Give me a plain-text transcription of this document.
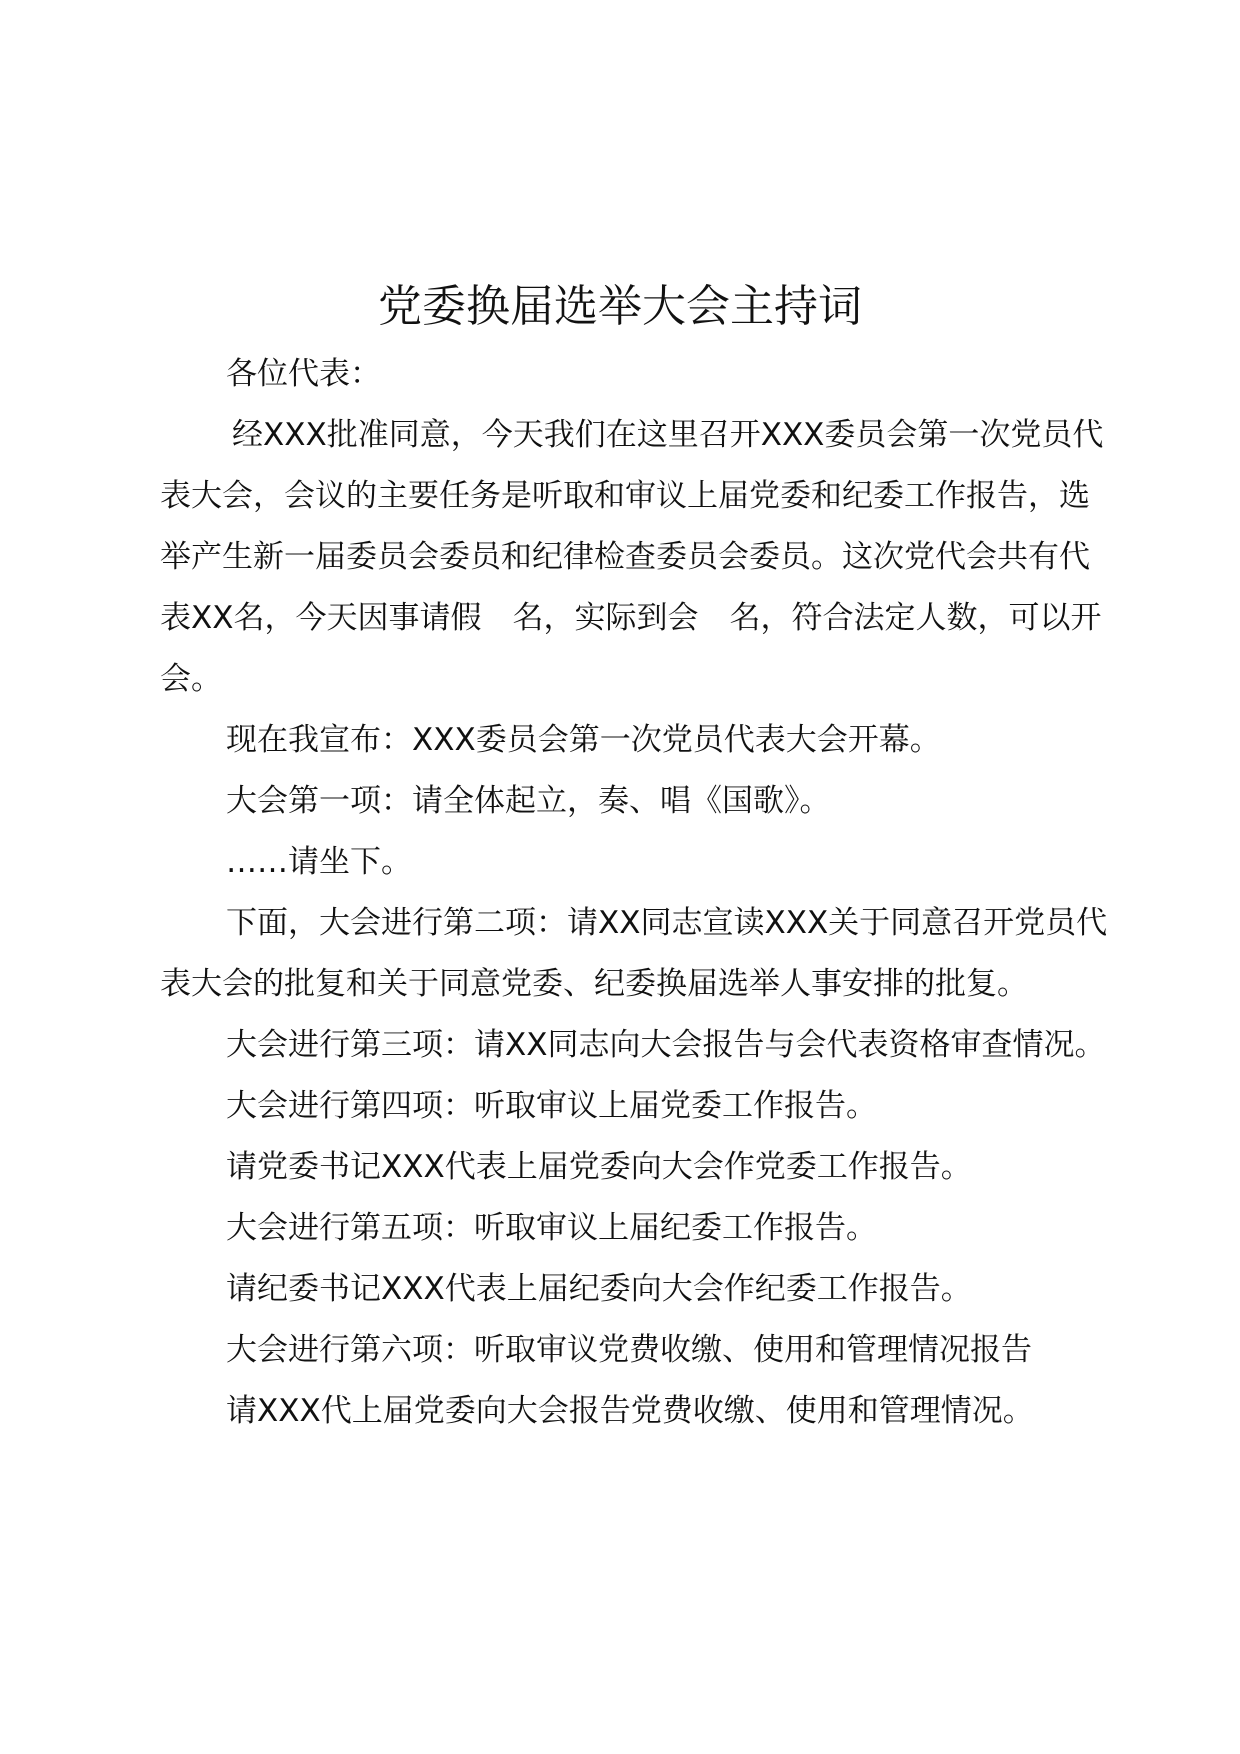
党委换届选举大会主持词

各位代表：

经XXX批准同意，今天我们在这里召开XXX委员会第一次党员代表大会，会议的主要任务是听取和审议上届党委和纪委工作报告，选举产生新一届委员会委员和纪律检查委员会委员。这次党代会共有代表XX名，今天因事请假　名，实际到会　名，符合法定人数，可以开会。

现在我宣布：XXX委员会第一次党员代表大会开幕。

大会第一项：请全体起立，奏、唱《国歌》。

……请坐下。

下面，大会进行第二项：请XX同志宣读XXX关于同意召开党员代表大会的批复和关于同意党委、纪委换届选举人事安排的批复。

大会进行第三项：请XX同志向大会报告与会代表资格审查情况。

大会进行第四项：听取审议上届党委工作报告。

请党委书记XXX代表上届党委向大会作党委工作报告。

大会进行第五项：听取审议上届纪委工作报告。

请纪委书记XXX代表上届纪委向大会作纪委工作报告。

大会进行第六项：听取审议党费收缴、使用和管理情况报告

请XXX代上届党委向大会报告党费收缴、使用和管理情况。
